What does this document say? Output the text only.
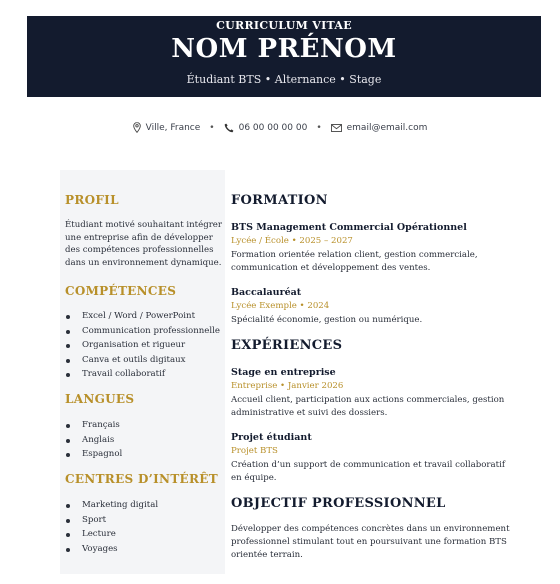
CURRICULUM VITAE
NOM PRÉNOM
Étudiant BTS • Alternance • Stage
Ville, France •	06 00 00 00 00 •	email@email.com
PROFIL
Étudiant motivé souhaitant intégrer
une entreprise afin de développer
des compétences professionnelles
dans un environnement dynamique.
COMPÉTENCES
Excel / Word / PowerPoint
Communication professionnelle
Organisation et rigueur
Canva et outils digitaux
Travail collaboratif
LANGUES
Français
Anglais
Espagnol
CENTRES D’INTÉRÊT
Marketing digital
Sport
Lecture
Voyages
FORMATION
BTS Management Commercial Opérationnel
Lycée / École • 2025 – 2027
Formation orientée relation client, gestion commerciale,
communication et développement des ventes.
Baccalauréat
Lycée Exemple • 2024
Spécialité économie, gestion ou numérique.
EXPÉRIENCES
Stage en entreprise
Entreprise • Janvier 2026
Accueil client, participation aux actions commerciales, gestion
administrative et suivi des dossiers.
Projet étudiant
Projet BTS
Création d’un support de communication et travail collaboratif
en équipe.
OBJECTIF PROFESSIONNEL
Développer des compétences concrètes dans un environnement
professionnel stimulant tout en poursuivant une formation BTS
orientée terrain.
